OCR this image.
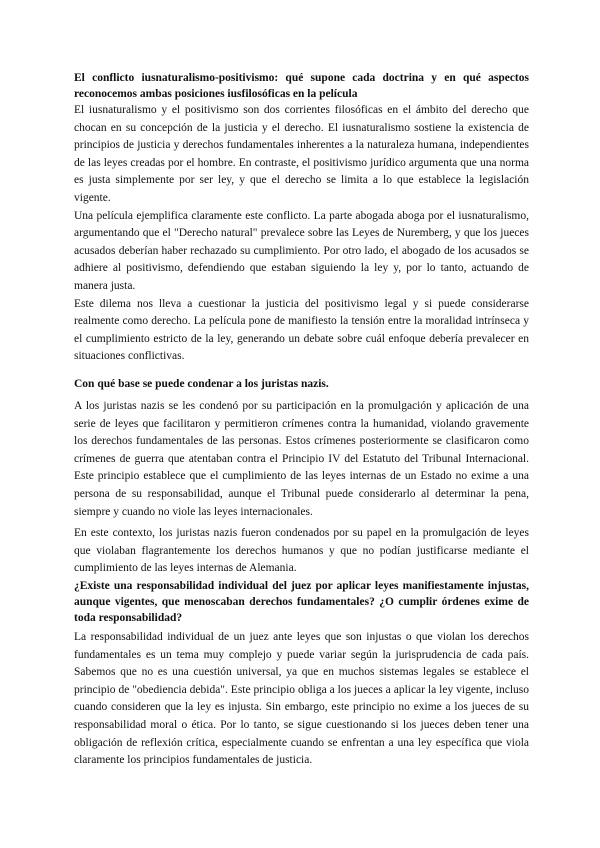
El conflicto iusnaturalismo-positivismo: qué supone cada doctrina y en qué aspectos reconocemos ambas posiciones iusfilosóficas en la película

El iusnaturalismo y el positivismo son dos corrientes filosóficas en el ámbito del derecho que chocan en su concepción de la justicia y el derecho. El iusnaturalismo sostiene la existencia de principios de justicia y derechos fundamentales inherentes a la naturaleza humana, independientes de las leyes creadas por el hombre. En contraste, el positivismo jurídico argumenta que una norma es justa simplemente por ser ley, y que el derecho se limita a lo que establece la legislación vigente.

Una película ejemplifica claramente este conflicto. La parte abogada aboga por el iusnaturalismo, argumentando que el "Derecho natural" prevalece sobre las Leyes de Nuremberg, y que los jueces acusados deberían haber rechazado su cumplimiento. Por otro lado, el abogado de los acusados se adhiere al positivismo, defendiendo que estaban siguiendo la ley y, por lo tanto, actuando de manera justa.

Este dilema nos lleva a cuestionar la justicia del positivismo legal y si puede considerarse realmente como derecho. La película pone de manifiesto la tensión entre la moralidad intrínseca y el cumplimiento estricto de la ley, generando un debate sobre cuál enfoque debería prevalecer en situaciones conflictivas.

Con qué base se puede condenar a los juristas nazis.

A los juristas nazis se les condenó por su participación en la promulgación y aplicación de una serie de leyes que facilitaron y permitieron crímenes contra la humanidad, violando gravemente los derechos fundamentales de las personas. Estos crímenes posteriormente se clasificaron como crímenes de guerra que atentaban contra el Principio IV del Estatuto del Tribunal Internacional. Este principio establece que el cumplimiento de las leyes internas de un Estado no exime a una persona de su responsabilidad, aunque el Tribunal puede considerarlo al determinar la pena, siempre y cuando no viole las leyes internacionales.

En este contexto, los juristas nazis fueron condenados por su papel en la promulgación de leyes que violaban flagrantemente los derechos humanos y que no podían justificarse mediante el cumplimiento de las leyes internas de Alemania.

¿Existe una responsabilidad individual del juez por aplicar leyes manifiestamente injustas, aunque vigentes, que menoscaban derechos fundamentales? ¿O cumplir órdenes exime de toda responsabilidad?

La responsabilidad individual de un juez ante leyes que son injustas o que violan los derechos fundamentales es un tema muy complejo y puede variar según la jurisprudencia de cada país. Sabemos que no es una cuestión universal, ya que en muchos sistemas legales se establece el principio de "obediencia debida". Este principio obliga a los jueces a aplicar la ley vigente, incluso cuando consideren que la ley es injusta. Sin embargo, este principio no exime a los jueces de su responsabilidad moral o ética. Por lo tanto, se sigue cuestionando si los jueces deben tener una obligación de reflexión crítica, especialmente cuando se enfrentan a una ley específica que viola claramente los principios fundamentales de justicia.
